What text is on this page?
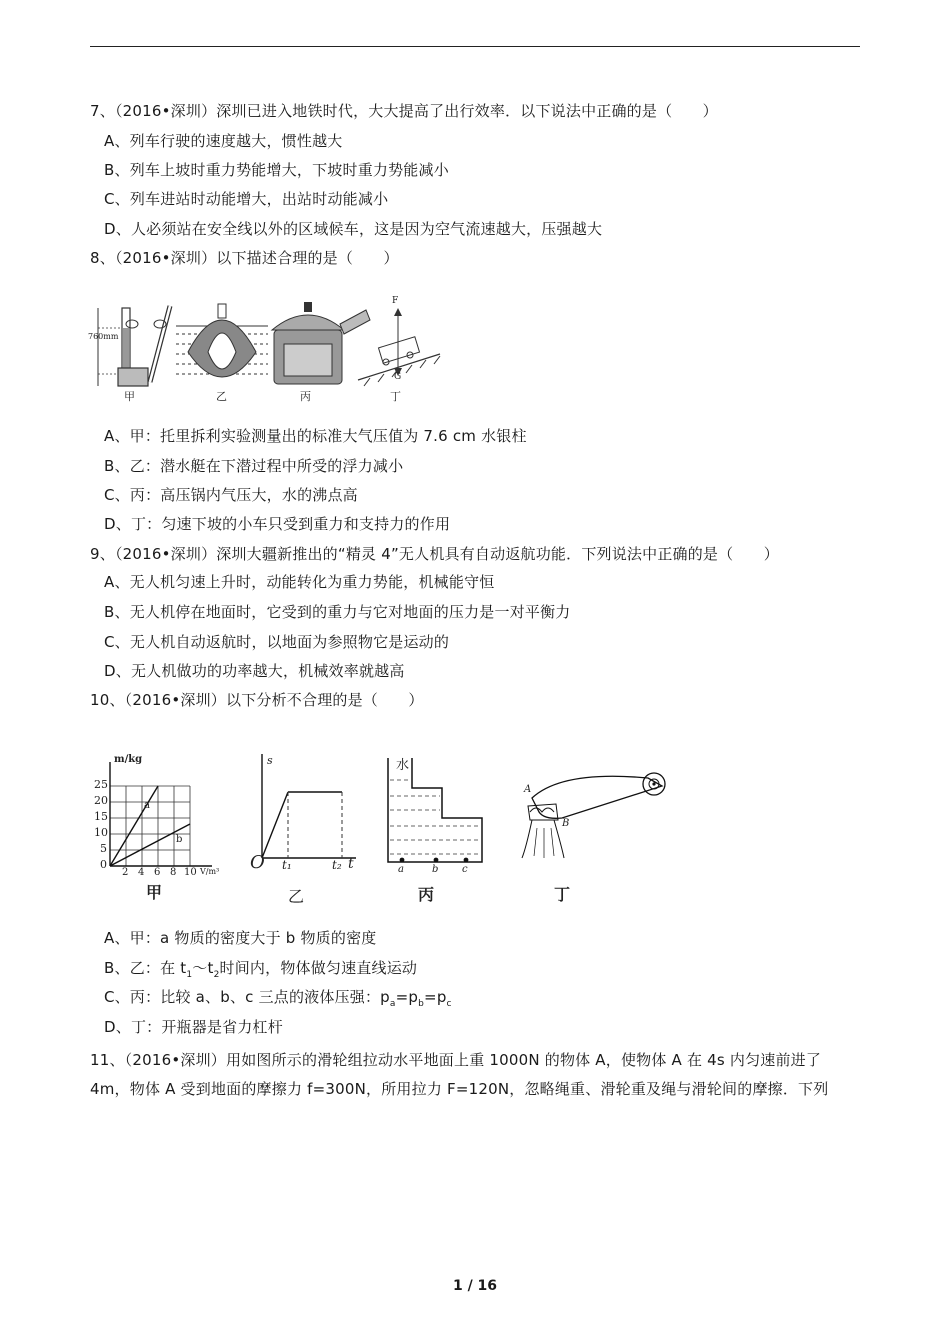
7、（2016•深圳）深圳已进入地铁时代，大大提高了出行效率．以下说法中正确的是（　　）
A、列车行驶的速度越大，惯性越大
B、列车上坡时重力势能增大，下坡时重力势能减小
C、列车进站时动能增大，出站时动能减小
D、人必须站在安全线以外的区域候车，这是因为空气流速越大，压强越大
8、（2016•深圳）以下描述合理的是（　　）
760mm
F
G
甲	乙	丙	丁
A、甲：托里拆利实验测量出的标准大气压值为 7.6 cm 水银柱
B、乙：潜水艇在下潜过程中所受的浮力减小
C、丙：高压锅内气压大，水的沸点高
D、丁：匀速下坡的小车只受到重力和支持力的作用
9、（2016•深圳）深圳大疆新推出的“精灵 4”无人机具有自动返航功能．下列说法中正确的是（　　）
A、无人机匀速上升时，动能转化为重力势能，机械能守恒
B、无人机停在地面时，它受到的重力与它对地面的压力是一对平衡力
C、无人机自动返航时，以地面为参照物它是运动的
D、无人机做功的功率越大，机械效率就越高
10、（2016•深圳）以下分析不合理的是（　　）
m/kg
25
20
15
10
5
0
2 4 6 8 10 V/m³
a
b
s
O t₁	t₂ t
水
a	b c
A
B
甲	乙	丙	丁
A、甲：a 物质的密度大于 b 物质的密度
B、乙：在 $t_1\sim t_2$时间内，物体做匀速直线运动
C、丙：比较 a、b、c 三点的液体压强：$p_a=p_b=p_c$
D、丁：开瓶器是省力杠杆
11、（2016•深圳）用如图所示的滑轮组拉动水平地面上重 1000N 的物体 A，使物体 A 在 4s 内匀速前进了 4m，物体 A 受到地面的摩擦力 f=300N，所用拉力 F=120N，忽略绳重、滑轮重及绳与滑轮间的摩擦．下列
1 / 16
